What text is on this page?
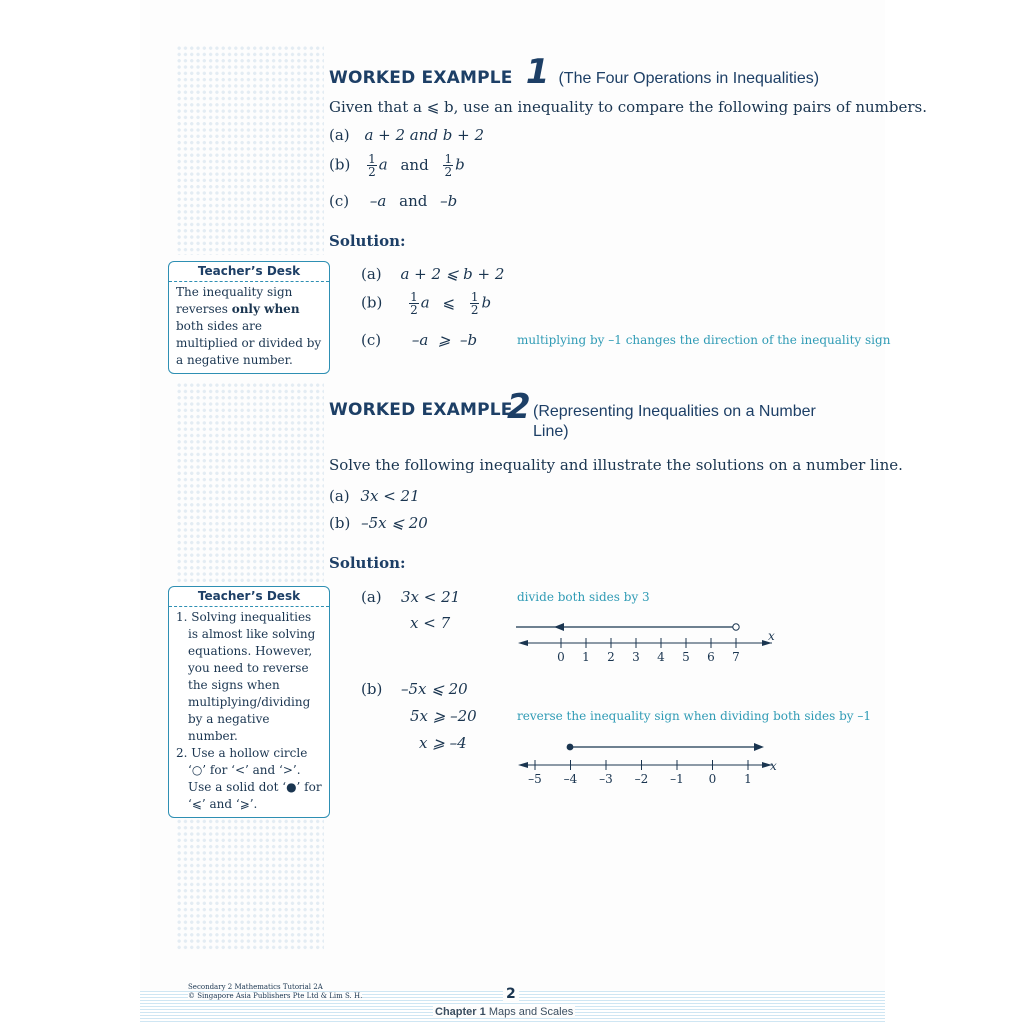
WORKED EXAMPLE 1 (The Four Operations in Inequalities)
Given that a ⩽ b, use an inequality to compare the following pairs of numbers.
(a) a + 2 and b + 2
$(b) \frac{1}{2}$ a and $\frac{1}{2}$ b
(c) –a and –b
Solution:
(a) a + 2 ⩽ b + 2
$(b) \frac{1}{2}$ a ⩽ $\frac{1}{2}$ b
(c) –a  ⩾  –b	multiplying by –1 changes the direction of the inequality sign
Teacher’s Desk
The inequality sign reverses only when both sides are multiplied or divided by a negative number.
WORKED EXAMPLE
2 (Representing Inequalities on a Number Line)
Solve the following inequality and illustrate the solutions on a number line.
(a) 3x < 21
(b) –5x ⩽ 20
Solution:
(a) 3x < 21
x < 7
divide both sides by 3
0 1 2 3 4 5 6 7
x
(b) –5x ⩽ 20
5x ⩾ –20
x ⩾ –4
reverse the inequality sign when dividing both sides by –1
–5 –4 –3 –2 –1 0 1
x
Teacher’s Desk
1. Solving inequalities is almost like solving equations. However, you need to reverse the signs when multiplying/dividing by a negative number.
2. Use a hollow circle ‘○’ for ‘<’ and ‘>’. Use a solid dot ‘●’ for ‘⩽’ and ‘⩾’.
Secondary 2 Mathematics Tutorial 2A
© Singapore Asia Publishers Pte Ltd & Lim S. H.	2
Chapter 1 Maps and Scales
